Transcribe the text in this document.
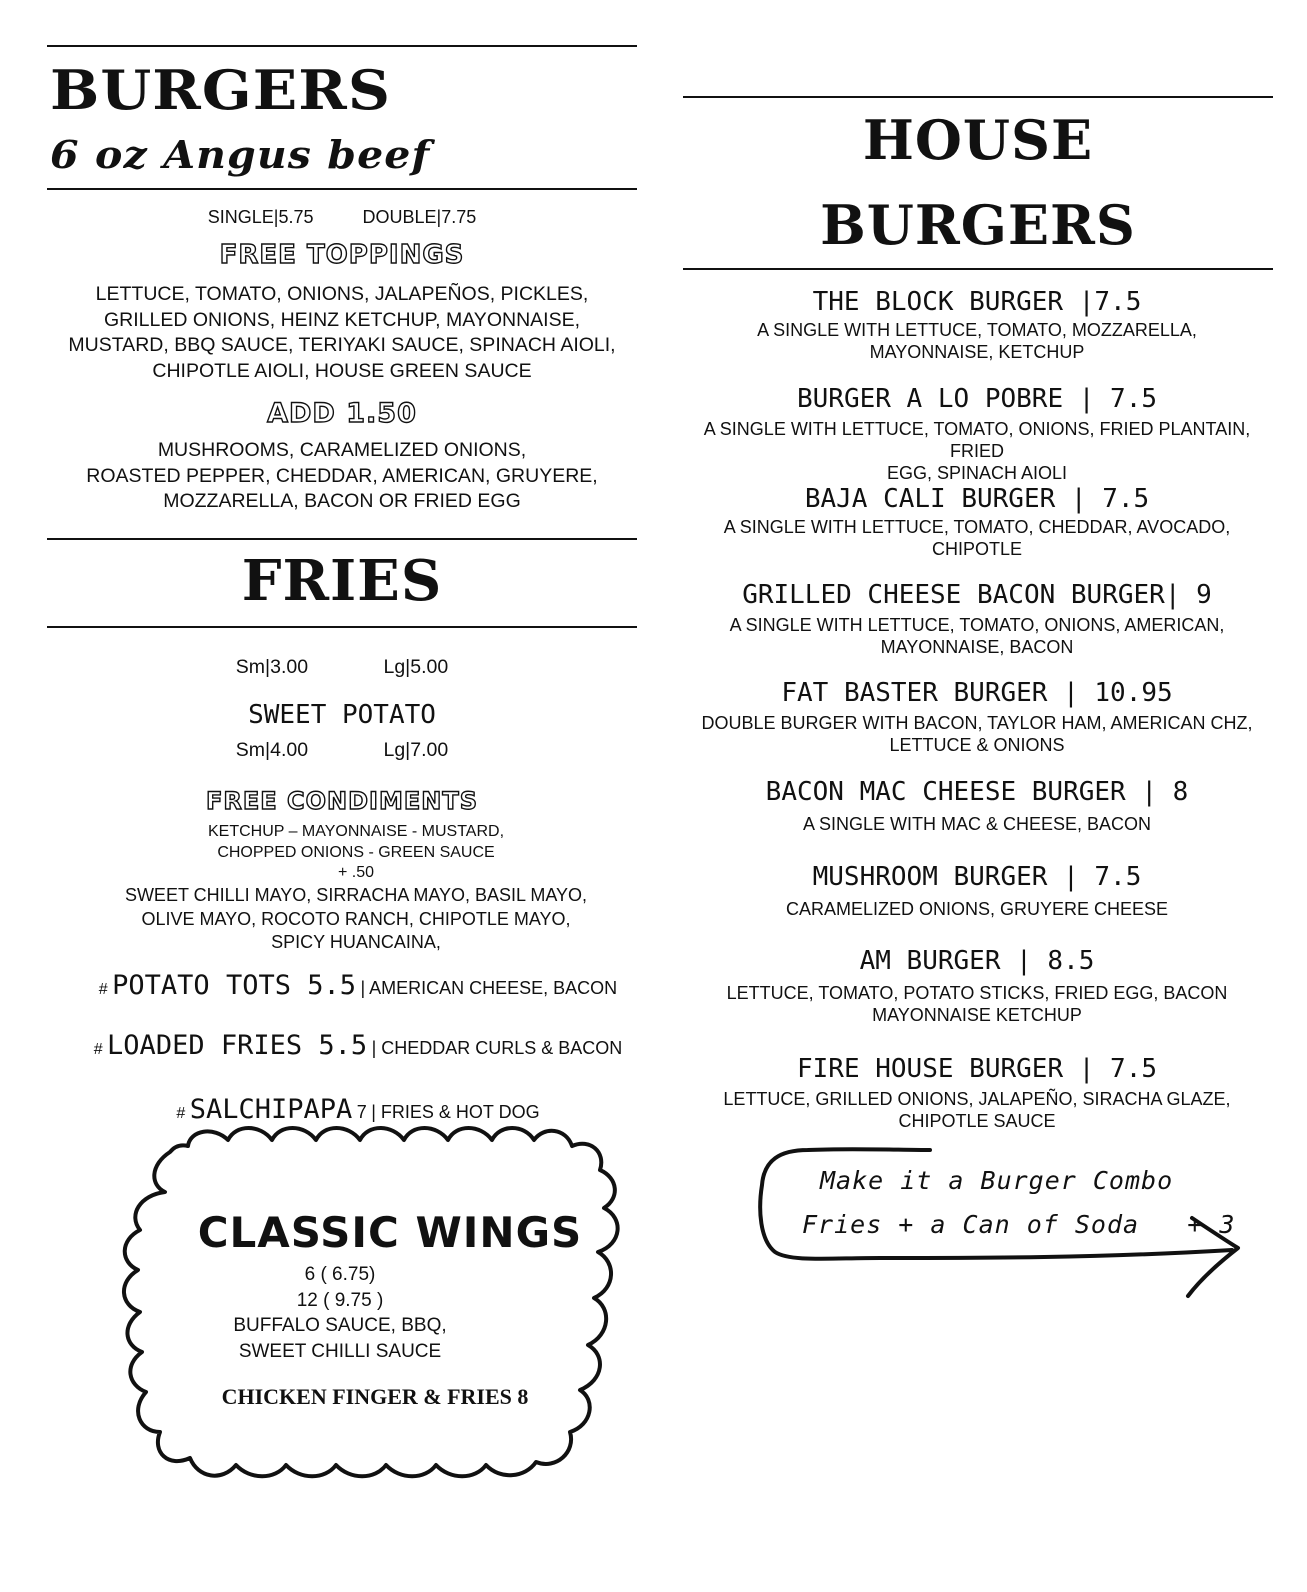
BURGERS
6 oz Angus beef
SINGLE|5.75	DOUBLE|7.75
FREE TOPPINGS
LETTUCE, TOMATO, ONIONS, JALAPEÑOS, PICKLES,
GRILLED ONIONS, HEINZ KETCHUP, MAYONNAISE,
MUSTARD, BBQ SAUCE, TERIYAKI SAUCE, SPINACH AIOLI,
CHIPOTLE AIOLI, HOUSE GREEN SAUCE
ADD 1.50
MUSHROOMS, CARAMELIZED ONIONS,
ROASTED PEPPER, CHEDDAR, AMERICAN, GRUYERE,
MOZZARELLA, BACON OR FRIED EGG
FRIES
Sm|3.00	Lg|5.00
SWEET POTATO
Sm|4.00	Lg|7.00
FREE CONDIMENTS
KETCHUP – MAYONNAISE - MUSTARD,
CHOPPED ONIONS - GREEN SAUCE
+ .50
SWEET CHILLI MAYO, SIRRACHA MAYO, BASIL MAYO,
OLIVE MAYO, ROCOTO RANCH, CHIPOTLE MAYO,
SPICY HUANCAINA,
# POTATO TOTS 5.5 | AMERICAN CHEESE, BACON
# LOADED FRIES 5.5 | CHEDDAR CURLS & BACON
# SALCHIPAPA 7 | FRIES & HOT DOG
CLASSIC WINGS
6 ( 6.75)
12 ( 9.75 )
BUFFALO SAUCE, BBQ,
SWEET CHILLI SAUCE
CHICKEN FINGER & FRIES 8
HOUSE
BURGERS
THE BLOCK BURGER |7.5
A SINGLE WITH LETTUCE, TOMATO, MOZZARELLA,
MAYONNAISE, KETCHUP
BURGER A LO POBRE | 7.5
A SINGLE WITH LETTUCE, TOMATO, ONIONS, FRIED PLANTAIN, FRIED
EGG, SPINACH AIOLI
BAJA CALI BURGER | 7.5
A SINGLE WITH LETTUCE, TOMATO, CHEDDAR, AVOCADO, CHIPOTLE
GRILLED CHEESE BACON BURGER| 9
A SINGLE WITH LETTUCE, TOMATO, ONIONS, AMERICAN,
MAYONNAISE, BACON
FAT BASTER BURGER | 10.95
DOUBLE BURGER WITH BACON, TAYLOR HAM, AMERICAN CHZ,
LETTUCE & ONIONS
BACON MAC CHEESE BURGER | 8
A SINGLE WITH MAC & CHEESE, BACON
MUSHROOM BURGER | 7.5
CARAMELIZED ONIONS, GRUYERE CHEESE
AM BURGER | 8.5
LETTUCE, TOMATO, POTATO STICKS, FRIED EGG, BACON
MAYONNAISE KETCHUP
FIRE HOUSE BURGER | 7.5
LETTUCE, GRILLED ONIONS, JALAPEÑO, SIRACHA GLAZE,
CHIPOTLE SAUCE
Make it a Burger Combo
Fries + a Can of Soda   + 3
